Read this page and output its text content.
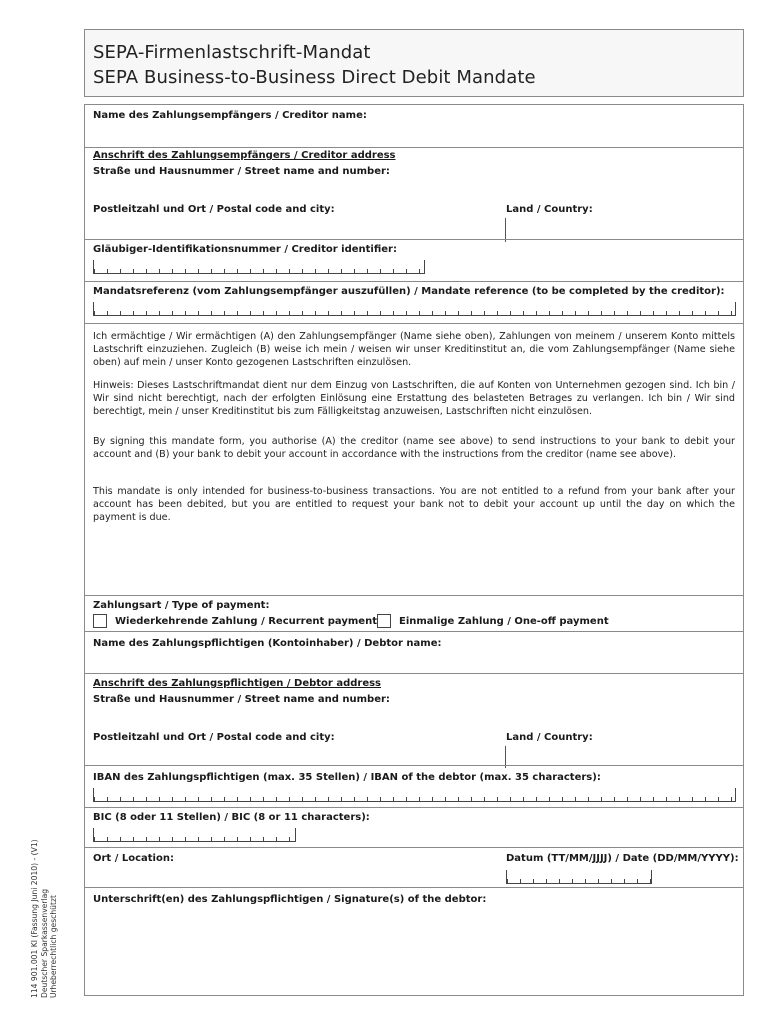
SEPA-Firmenlastschrift-Mandat
SEPA Business-to-Business Direct Debit Mandate
Name des Zahlungsempfängers / Creditor name:
Anschrift des Zahlungsempfängers / Creditor address
Straße und Hausnummer / Street name and number:
Postleitzahl und Ort / Postal code and city:	Land / Country:
Gläubiger-Identifikationsnummer / Creditor identifier:
Mandatsreferenz (vom Zahlungsempfänger auszufüllen) / Mandate reference (to be completed by the creditor):
Ich ermächtige / Wir ermächtigen (A) den Zahlungsempfänger (Name siehe oben), Zahlungen von meinem / unserem Konto mittels Lastschrift einzuziehen. Zugleich (B) weise ich mein / weisen wir unser Kreditinstitut an, die vom Zahlungsempfänger (Name siehe oben) auf mein / unser Konto gezogenen Lastschriften einzulösen.
Hinweis: Dieses Lastschriftmandat dient nur dem Einzug von Lastschriften, die auf Konten von Unternehmen gezogen sind. Ich bin / Wir sind nicht berechtigt, nach der erfolgten Einlösung eine Erstattung des belasteten Betrages zu verlangen. Ich bin / Wir sind berechtigt, mein / unser Kreditinstitut bis zum Fälligkeitstag anzuweisen, Lastschriften nicht einzulösen.
By signing this mandate form, you authorise (A) the creditor (name see above) to send instructions to your bank to debit your account and (B) your bank to debit your account in accordance with the instructions from the creditor (name see above).
This mandate is only intended for business-to-business transactions. You are not entitled to a refund from your bank after your account has been debited, but you are entitled to request your bank not to debit your account up until the day on which the payment is due.
Zahlungsart / Type of payment:
Wiederkehrende Zahlung / Recurrent payment Einmalige Zahlung / One-off payment
Name des Zahlungspflichtigen (Kontoinhaber) / Debtor name:
Anschrift des Zahlungspflichtigen / Debtor address
Straße und Hausnummer / Street name and number:
Postleitzahl und Ort / Postal code and city:	Land / Country:
IBAN des Zahlungspflichtigen (max. 35 Stellen) / IBAN of the debtor (max. 35 characters):
BIC (8 oder 11 Stellen) / BIC (8 or 11 characters):
Ort / Location:	Datum (TT/MM/JJJJ) / Date (DD/MM/YYYY):
Unterschrift(en) des Zahlungspflichtigen / Signature(s) of the debtor:
114 901.001 KI (Fassung Juni 2010) - (V1) Deutscher Sparkassenverlag Urheberrechtlich geschützt
